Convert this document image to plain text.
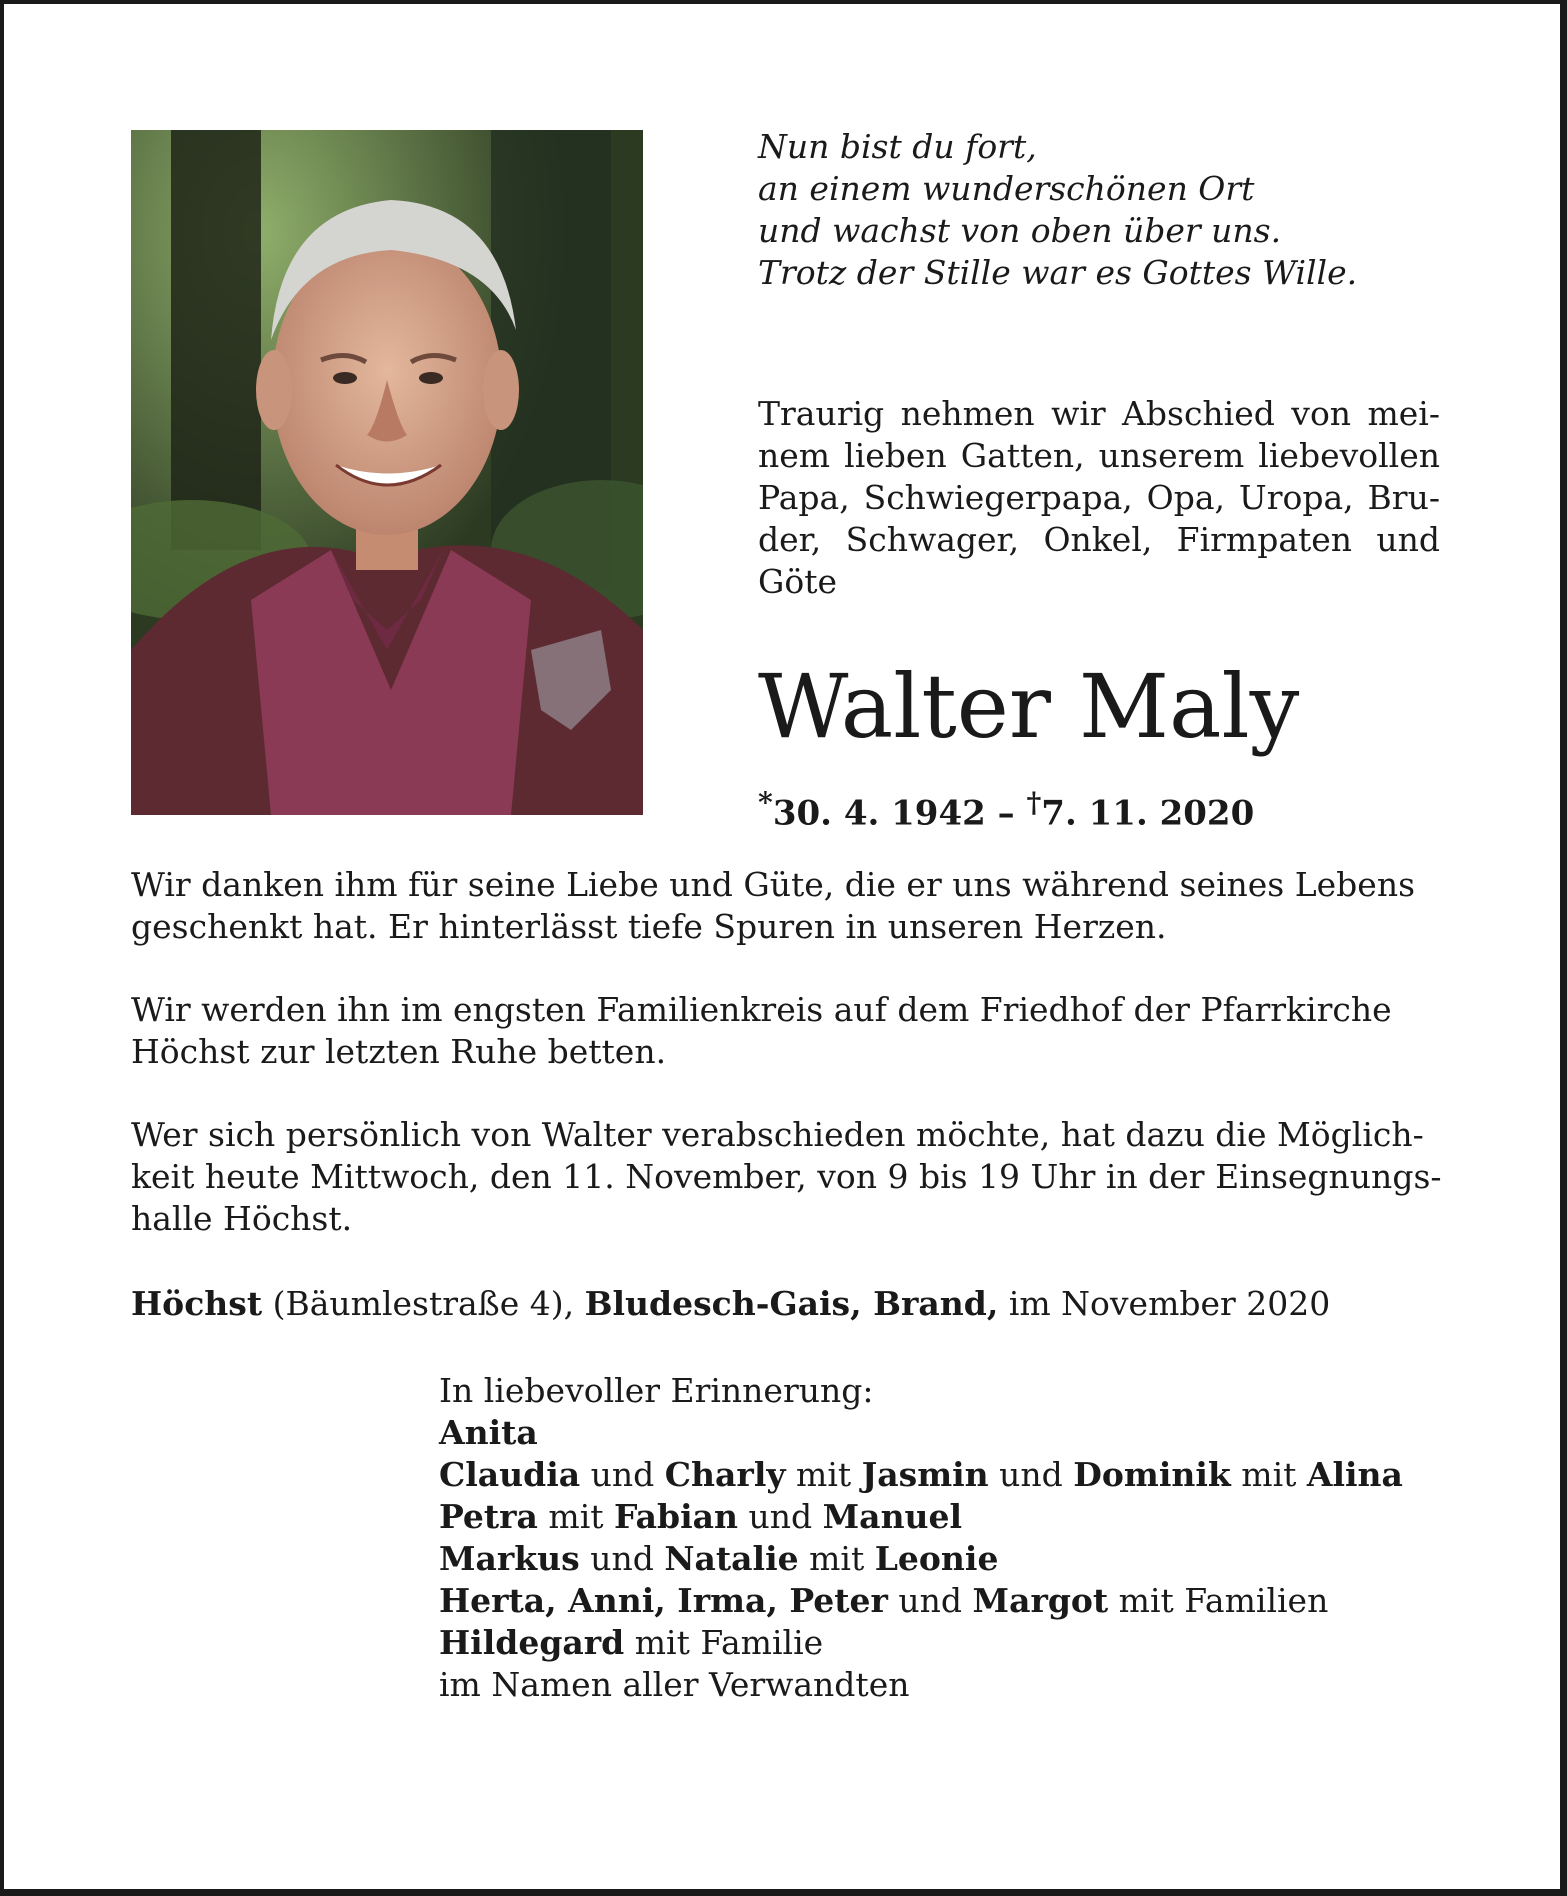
Nun bist du fort,
an einem wunderschönen Ort
und wachst von oben über uns.
Trotz der Stille war es Gottes Wille.
Traurig nehmen wir Abschied von mei-
nem lieben Gatten, unserem liebevollen
Papa, Schwiegerpapa, Opa, Uropa, Bru-
der, Schwager, Onkel, Firmpaten und
Göte
Walter Maly
*30. 4. 1942 – †7. 11. 2020

Wir danken ihm für seine Liebe und Güte, die er uns während seines Lebens
geschenkt hat. Er hinterlässt tiefe Spuren in unseren Herzen.

Wir werden ihn im engsten Familienkreis auf dem Friedhof der Pfarrkirche
Höchst zur letzten Ruhe betten.

Wer sich persönlich von Walter verabschieden möchte, hat dazu die Möglich-
keit heute Mittwoch, den 11. November, von 9 bis 19 Uhr in der Einsegnungs-
halle Höchst.

Höchst (Bäumlestraße 4), Bludesch-Gais, Brand, im November 2020
In liebevoller Erinnerung:
Anita
Claudia und Charly mit Jasmin und Dominik mit Alina
Petra mit Fabian und Manuel
Markus und Natalie mit Leonie
Herta, Anni, Irma, Peter und Margot mit Familien
Hildegard mit Familie
im Namen aller Verwandten
